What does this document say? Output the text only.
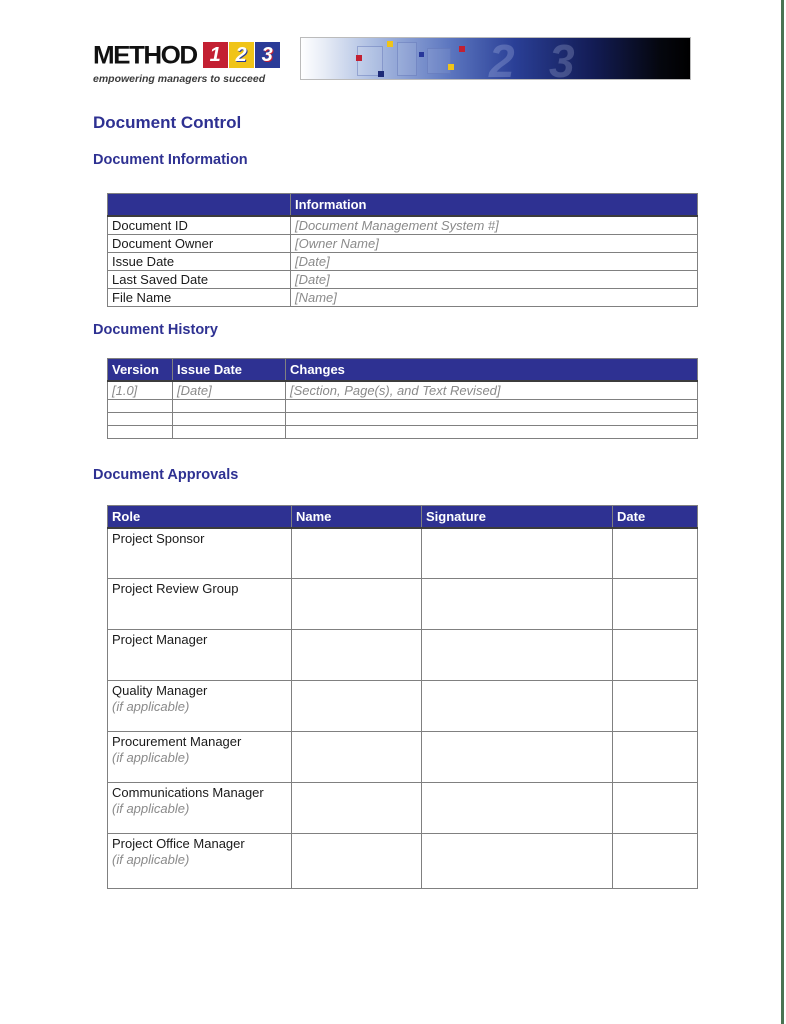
METHOD 1 2 3
empowering managers to succeed	2 3
Document Control
Document Information
	Information
Document ID	[Document Management System #]
Document Owner	[Owner Name]
Issue Date	[Date]
Last Saved Date	[Date]
File Name	[Name]
Document History
Version	Issue Date	Changes
[1.0]	[Date]	[Section, Page(s), and Text Revised]

Document Approvals
Role	Name	Signature	Date
Project Sponsor

Project Review Group

Project Manager

Quality Manager
(if applicable)			

Procurement Manager
(if applicable)			

Communications Manager
(if applicable)			

Project Office Manager
(if applicable)			
